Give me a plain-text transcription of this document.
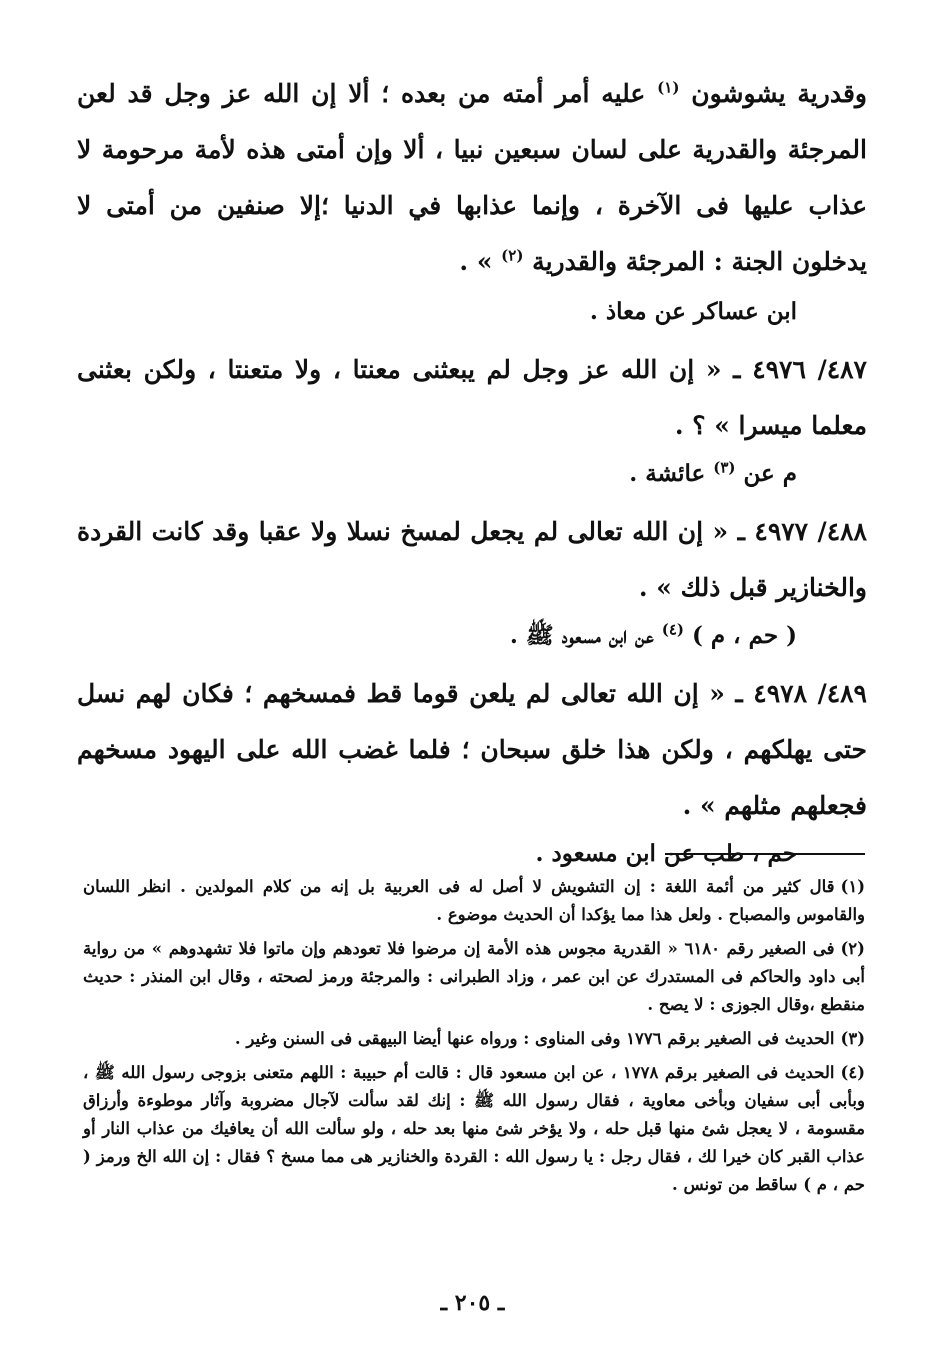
وقدرية يشوشون $^{(١)}$ عليه أمر أمته من بعده ؛ ألا إن الله عز وجل قد لعن المرجئة والقدرية على لسان سبعين نبيا ، ألا وإن أمتى هذه لأمة مرحومة لا عذاب عليها فى الآخرة ، وإنما عذابها في الدنيا ؛إلا صنفين من أمتى لا يدخلون الجنة : المرجئة والقدرية $^{(٢)}$ » .

ابن عساكر عن معاذ .

٤٨٧/ ٤٩٧٦ ـ « إن الله عز وجل لم يبعثنى معنتا ، ولا متعنتا ، ولكن بعثنى معلما ميسرا » ؟ .

م عن $^{(٣)}$ عائشة .

٤٨٨/ ٤٩٧٧ ـ « إن الله تعالى لم يجعل لمسخ نسلا ولا عقبا وقد كانت القردة والخنازير قبل ذلك » .

( حم ، م ) $^{(٤)}$ عن ابن مسعود ﷺ .

٤٨٩/ ٤٩٧٨ ـ « إن الله تعالى لم يلعن قوما قط فمسخهم ؛ فكان لهم نسل حتى يهلكهم ، ولكن هذا خلق سبحان ؛ فلما غضب الله على اليهود مسخهم فجعلهم مثلهم » .

حم ، طب عن ابن مسعود .

(١)قال كثير من أئمة اللغة : إن التشويش لا أصل له فى العربية بل إنه من كلام المولدين . انظر اللسان والقاموس والمصباح . ولعل هذا مما يؤكدا أن الحديث موضوع .

(٢)فى الصغير رقم ٦١٨٠ « القدرية مجوس هذه الأمة إن مرضوا فلا تعودهم وإن ماتوا فلا تشهدوهم » من رواية أبى داود والحاكم فى المستدرك عن ابن عمر ، وزاد الطبرانى : والمرجئة ورمز لصحته ، وقال ابن المنذر : حديث منقطع ،وقال الجوزى : لا يصح .

(٣)الحديث فى الصغير برقم ١٧٧٦ وفى المناوى : ورواه عنها أيضا البيهقى فى السنن وغير .

(٤)الحديث فى الصغير برقم ١٧٧٨ ، عن ابن مسعود قال : قالت أم حبيبة : اللهم متعنى بزوجى رسول الله ﷺ ، وبأبى أبى سفيان وبأخى معاوية ، فقال رسول الله ﷺ : إنك لقد سألت لآجال مضروبة وآثار موطوءة وأرزاق مقسومة ، لا يعجل شئ منها قبل حله ، ولا يؤخر شئ منها بعد حله ، ولو سألت الله أن يعافيك من عذاب النار أو عذاب القبر كان خيرا لك ، فقال رجل : يا رسول الله : القردة والخنازير هى مما مسخ ؟ فقال : إن الله الخ ورمز ( حم ، م ) ساقط من تونس .

ـ ٢٠٥ ـ
